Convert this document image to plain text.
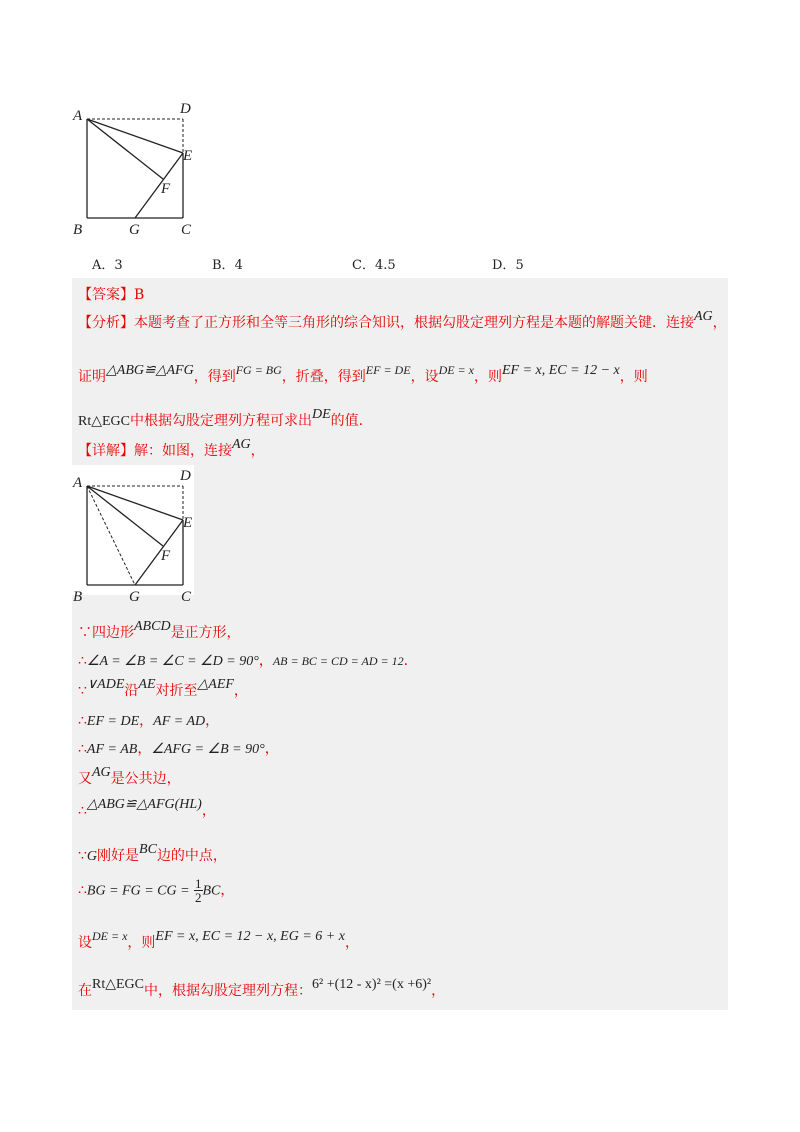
A	D
E
F
B	G	C
A．3	B．4	C．4.5	D．5
【答案】B
【分析】本题考查了正方形和全等三角形的综合知识，根据勾股定理列方程是本题的解题关键．连接AG，
证明△ABG≌△AFG，得到FG = BG，折叠，得到EF = DE，设DE = x，则EF = x, EC = 12 − x，则
Rt△EGC中根据勾股定理列方程可求出DE的值.
【详解】解：如图，连接AG，
A	D
E
F
B	G	C
∵四边形ABCD是正方形，
∴∠A = ∠B = ∠C = ∠D = 90°，AB = BC = CD = AD = 12.
∵∨ADE沿AE对折至△AEF，
∴EF = DE，AF = AD，
∴AF = AB，∠AFG = ∠B = 90°，
又AG是公共边，
∴△ABG≌△AFG(HL)，
∵G刚好是BC边的中点，
∴BG = FG = CG = $\frac{1}{2}$ BC，
设DE = x，则EF = x, EC = 12 − x, EG = 6 + x，
在Rt△EGC中，根据勾股定理列方程：6² +(12 - x)² =(x +6)²，
